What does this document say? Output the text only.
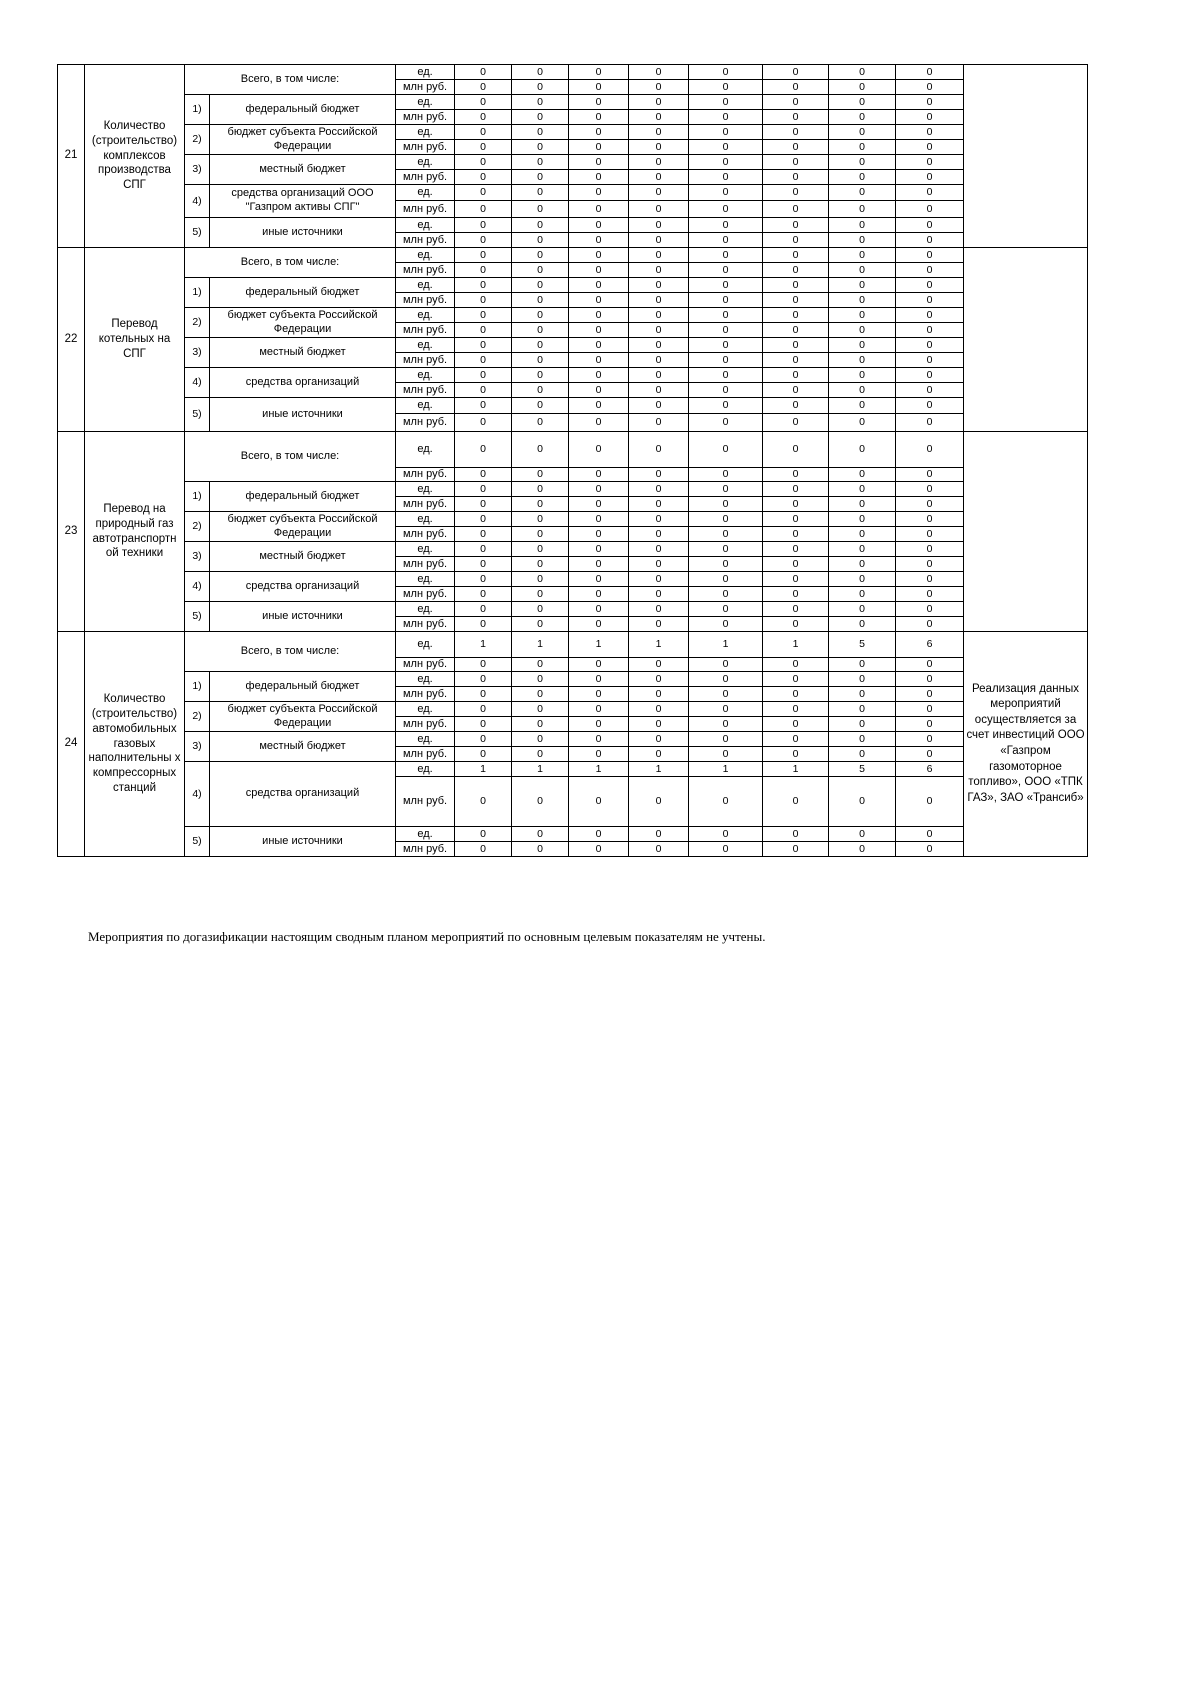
21	Количество (строительство) комплексов производства СПГ	Всего, в том числе:		ед.	0	0	0	0	0	0	0	0	
				млн руб.	0	0	0	0	0	0	0	0	
		1)	федеральный бюджет	ед.	0	0	0	0	0	0	0	0	
				млн руб.	0	0	0	0	0	0	0	0	
		2)	бюджет субъекта Российской Федерации	ед.	0	0	0	0	0	0	0	0	
				млн руб.	0	0	0	0	0	0	0	0	
		3)	местный бюджет	ед.	0	0	0	0	0	0	0	0	
				млн руб.	0	0	0	0	0	0	0	0	
		4)	средства организаций ООО "Газпром активы СПГ"	ед.	0	0	0	0	0	0	0	0	
				млн руб.	0	0	0	0	0	0	0	0	
		5)	иные источники	ед.	0	0	0	0	0	0	0	0	
				млн руб.	0	0	0	0	0	0	0	0	
22	Перевод котельных на СПГ	Всего, в том числе:		ед.	0	0	0	0	0	0	0	0	
				млн руб.	0	0	0	0	0	0	0	0	
		1)	федеральный бюджет	ед.	0	0	0	0	0	0	0	0	
				млн руб.	0	0	0	0	0	0	0	0	
		2)	бюджет субъекта Российской Федерации	ед.	0	0	0	0	0	0	0	0	
				млн руб.	0	0	0	0	0	0	0	0	
		3)	местный бюджет	ед.	0	0	0	0	0	0	0	0	
				млн руб.	0	0	0	0	0	0	0	0	
		4)	средства организаций	ед.	0	0	0	0	0	0	0	0	
				млн руб.	0	0	0	0	0	0	0	0	
		5)	иные источники	ед.	0	0	0	0	0	0	0	0	
				млн руб.	0	0	0	0	0	0	0	0	
23	Перевод на природный газ автотранспортн ой техники	Всего, в том числе:		ед.	0	0	0	0	0	0	0	0	
				млн руб.	0	0	0	0	0	0	0	0	
		1)	федеральный бюджет	ед.	0	0	0	0	0	0	0	0	
				млн руб.	0	0	0	0	0	0	0	0	
		2)	бюджет субъекта Российской Федерации	ед.	0	0	0	0	0	0	0	0	
				млн руб.	0	0	0	0	0	0	0	0	
		3)	местный бюджет	ед.	0	0	0	0	0	0	0	0	
				млн руб.	0	0	0	0	0	0	0	0	
		4)	средства организаций	ед.	0	0	0	0	0	0	0	0	
				млн руб.	0	0	0	0	0	0	0	0	
		5)	иные источники	ед.	0	0	0	0	0	0	0	0	
				млн руб.	0	0	0	0	0	0	0	0	
24	Количество (строительство) автомобильных газовых наполнительны х компрессорных станций	Всего, в том числе:		ед.	1	1	1	1	1	1	5	6	Реализация данных мероприятий осуществляется за счет инвестиций ООО «Газпром газомоторное топливо», ООО «ТПК ГАЗ», ЗАО «Трансиб»
				млн руб.	0	0	0	0	0	0	0	0	
		1)	федеральный бюджет	ед.	0	0	0	0	0	0	0	0	
				млн руб.	0	0	0	0	0	0	0	0	
		2)	бюджет субъекта Российской Федерации	ед.	0	0	0	0	0	0	0	0	
				млн руб.	0	0	0	0	0	0	0	0	
		3)	местный бюджет	ед.	0	0	0	0	0	0	0	0	
				млн руб.	0	0	0	0	0	0	0	0	
		4)	средства организаций	ед.	1	1	1	1	1	1	5	6	
				млн руб.	0	0	0	0	0	0	0	0	
		5)	иные источники	ед.	0	0	0	0	0	0	0	0	
				млн руб.	0	0	0	0	0	0	0	0	
Мероприятия по догазификации настоящим сводным планом мероприятий по основным целевым показателям не учтены.
